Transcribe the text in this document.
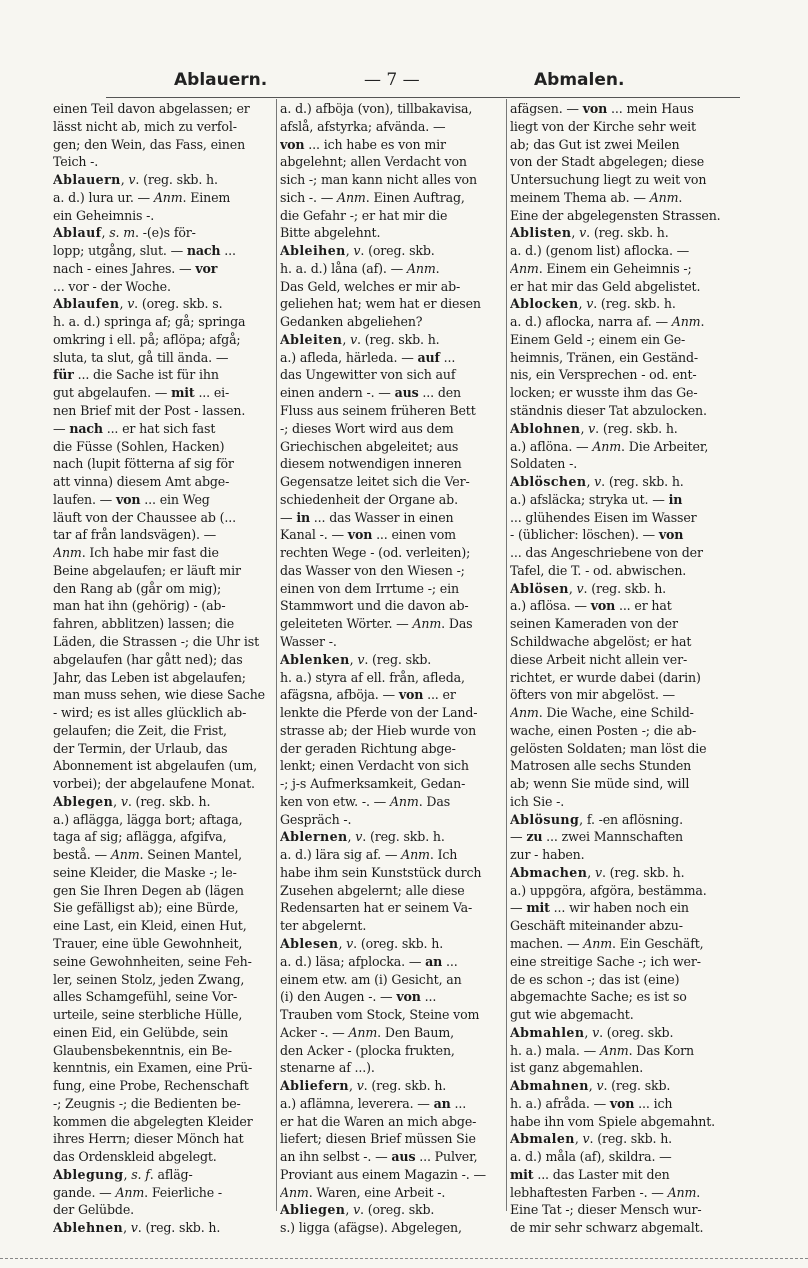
Ablauern.	— 7 —	Abmalen.
einen Teil davon abgelassen; er
lässt nicht ab, mich zu verfol-
gen; den Wein, das Fass, einen
Teich -.
Ablauern, v. (reg. skb. h.
a. d.) lura ur. — Anm. Einem
ein Geheimnis -.
Ablauf, s. m. -(e)s för-
lopp; utgång, slut. — nach ...
nach - eines Jahres. — vor
... vor - der Woche.
Ablaufen, v. (oreg. skb. s.
h. a. d.) springa af; gå; springa
omkring i ell. på; aflöpa; afgå;
sluta, ta slut, gå till ända. —
für ... die Sache ist für ihn
gut abgelaufen. — mit ... ei-
nen Brief mit der Post - lassen.
— nach ... er hat sich fast
die Füsse (Sohlen, Hacken)
nach (lupit fötterna af sig för
att vinna) diesem Amt abge-
laufen. — von ... ein Weg
läuft von der Chaussee ab (...
tar af från landsvägen). —
Anm. Ich habe mir fast die
Beine abgelaufen; er läuft mir
den Rang ab (går om mig);
man hat ihn (gehörig) - (ab-
fahren, abblitzen) lassen; die
Läden, die Strassen -; die Uhr ist
abgelaufen (har gått ned); das
Jahr, das Leben ist abgelaufen;
man muss sehen, wie diese Sache
- wird; es ist alles glücklich ab-
gelaufen; die Zeit, die Frist,
der Termin, der Urlaub, das
Abonnement ist abgelaufen (um,
vorbei); der abgelaufene Monat.
Ablegen, v. (reg. skb. h.
a.) aflägga, lägga bort; aftaga,
taga af sig; aflägga, afgifva,
bestå. — Anm. Seinen Mantel,
seine Kleider, die Maske -; le-
gen Sie Ihren Degen ab (lägen
Sie gefälligst ab); eine Bürde,
eine Last, ein Kleid, einen Hut,
Trauer, eine üble Gewohnheit,
seine Gewohnheiten, seine Feh-
ler, seinen Stolz, jeden Zwang,
alles Schamgefühl, seine Vor-
urteile, seine sterbliche Hülle,
einen Eid, ein Gelübde, sein
Glaubensbekenntnis, ein Be-
kenntnis, ein Examen, eine Prü-
fung, eine Probe, Rechenschaft
-; Zeugnis -; die Bedienten be-
kommen die abgelegten Kleider
ihres Herrn; dieser Mönch hat
das Ordenskleid abgelegt.
Ablegung, s. f. afläg-
gande. — Anm. Feierliche -
der Gelübde.
Ablehnen, v. (reg. skb. h.
a. d.) afböja (von), tillbakavisa,
afslå, afstyrka; afvända. —
von ... ich habe es von mir
abgelehnt; allen Verdacht von
sich -; man kann nicht alles von
sich -. — Anm. Einen Auftrag,
die Gefahr -; er hat mir die
Bitte abgelehnt.
Ableihen, v. (oreg. skb.
h. a. d.) låna (af). — Anm.
Das Geld, welches er mir ab-
geliehen hat; wem hat er diesen
Gedanken abgeliehen?
Ableiten, v. (reg. skb. h.
a.) afleda, härleda. — auf ...
das Ungewitter von sich auf
einen andern -. — aus ... den
Fluss aus seinem früheren Bett
-; dieses Wort wird aus dem
Griechischen abgeleitet; aus
diesem notwendigen inneren
Gegensatze leitet sich die Ver-
schiedenheit der Organe ab.
— in ... das Wasser in einen
Kanal -. — von ... einen vom
rechten Wege - (od. verleiten);
das Wasser von den Wiesen -;
einen von dem Irrtume -; ein
Stammwort und die davon ab-
geleiteten Wörter. — Anm. Das
Wasser -.
Ablenken, v. (reg. skb.
h. a.) styra af ell. från, afleda,
afägsna, afböja. — von ... er
lenkte die Pferde von der Land-
strasse ab; der Hieb wurde von
der geraden Richtung abge-
lenkt; einen Verdacht von sich
-; j-s Aufmerksamkeit, Gedan-
ken von etw. -. — Anm. Das
Gespräch -.
Ablernen, v. (reg. skb. h.
a. d.) lära sig af. — Anm. Ich
habe ihm sein Kunststück durch
Zusehen abgelernt; alle diese
Redensarten hat er seinem Va-
ter abgelernt.
Ablesen, v. (oreg. skb. h.
a. d.) läsa; afplocka. — an ...
einem etw. am (i) Gesicht, an
(i) den Augen -. — von ...
Trauben vom Stock, Steine vom
Acker -. — Anm. Den Baum,
den Acker - (plocka frukten,
stenarne af ...).
Abliefern, v. (reg. skb. h.
a.) aflämna, leverera. — an ...
er hat die Waren an mich abge-
liefert; diesen Brief müssen Sie
an ihn selbst -. — aus ... Pulver,
Proviant aus einem Magazin -. —
Anm. Waren, eine Arbeit -.
Abliegen, v. (oreg. skb.
s.) ligga (afägse). Abgelegen,
afägsen. — von ... mein Haus
liegt von der Kirche sehr weit
ab; das Gut ist zwei Meilen
von der Stadt abgelegen; diese
Untersuchung liegt zu weit von
meinem Thema ab. — Anm.
Eine der abgelegensten Strassen.
Ablisten, v. (reg. skb. h.
a. d.) (genom list) aflocka. —
Anm. Einem ein Geheimnis -;
er hat mir das Geld abgelistet.
Ablocken, v. (reg. skb. h.
a. d.) aflocka, narra af. — Anm.
Einem Geld -; einem ein Ge-
heimnis, Tränen, ein Geständ-
nis, ein Versprechen - od. ent-
locken; er wusste ihm das Ge-
ständnis dieser Tat abzulocken.
Ablohnen, v. (reg. skb. h.
a.) aflöna. — Anm. Die Arbeiter,
Soldaten -.
Ablöschen, v. (reg. skb. h.
a.) afsläcka; stryka ut. — in
... glühendes Eisen im Wasser
- (üblicher: löschen). — von
... das Angeschriebene von der
Tafel, die T. - od. abwischen.
Ablösen, v. (reg. skb. h.
a.) aflösa. — von ... er hat
seinen Kameraden von der
Schildwache abgelöst; er hat
diese Arbeit nicht allein ver-
richtet, er wurde dabei (darin)
öfters von mir abgelöst. —
Anm. Die Wache, eine Schild-
wache, einen Posten -; die ab-
gelösten Soldaten; man löst die
Matrosen alle sechs Stunden
ab; wenn Sie müde sind, will
ich Sie -.
Ablösung, f. -en aflösning.
— zu ... zwei Mannschaften
zur - haben.
Abmachen, v. (reg. skb. h.
a.) uppgöra, afgöra, bestämma.
— mit ... wir haben noch ein
Geschäft miteinander abzu-
machen. — Anm. Ein Geschäft,
eine streitige Sache -; ich wer-
de es schon -; das ist (eine)
abgemachte Sache; es ist so
gut wie abgemacht.
Abmahlen, v. (oreg. skb.
h. a.) mala. — Anm. Das Korn
ist ganz abgemahlen.
Abmahnen, v. (reg. skb.
h. a.) afråda. — von ... ich
habe ihn vom Spiele abgemahnt.
Abmalen, v. (reg. skb. h.
a. d.) måla (af), skildra. —
mit ... das Laster mit den
lebhaftesten Farben -. — Anm.
Eine Tat -; dieser Mensch wur-
de mir sehr schwarz abgemalt.
